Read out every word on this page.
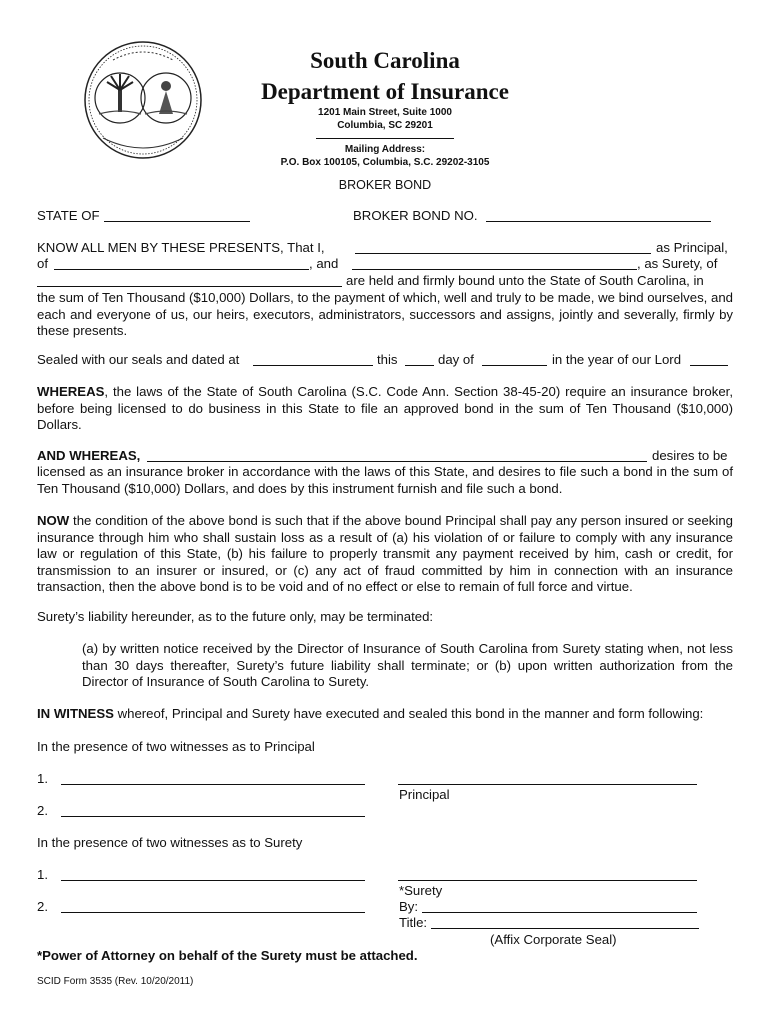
South Carolina
Department of Insurance
1201 Main Street, Suite 1000
Columbia, SC 29201
Mailing Address:
P.O. Box 100105, Columbia, S.C. 29202-3105
BROKER BOND
STATE OF	BROKER BOND NO.
KNOW ALL MEN BY THESE PRESENTS, That I,	as Principal,
of	, and	, as Surety, of
are held and firmly bound unto the State of South Carolina, in
the sum of Ten Thousand ($10,000) Dollars, to the payment of which, well and truly to be made, we bind ourselves, and each and everyone of us, our heirs, executors, administrators, successors and assigns, jointly and severally, firmly by these presents.
Sealed with our seals and dated at	this	day of	in the year of our Lord
WHEREAS, the laws of the State of South Carolina (S.C. Code Ann. Section 38-45-20) require an insurance broker, before being licensed to do business in this State to file an approved bond in the sum of Ten Thousand ($10,000) Dollars.
AND WHEREAS,	desires to be
licensed as an insurance broker in accordance with the laws of this State, and desires to file such a bond in the sum of Ten Thousand ($10,000) Dollars, and does by this instrument furnish and file such a bond.
NOW the condition of the above bond is such that if the above bound Principal shall pay any person insured or seeking insurance through him who shall sustain loss as a result of (a) his violation of or failure to comply with any insurance law or regulation of this State, (b) his failure to properly transmit any payment received by him, cash or credit, for transmission to an insurer or insured, or (c) any act of fraud committed by him in connection with an insurance transaction, then the above bond is to be void and of no effect or else to remain of full force and virtue.
Surety’s liability hereunder, as to the future only, may be terminated:
(a) by written notice received by the Director of Insurance of South Carolina from Surety stating when, not less than 30 days thereafter, Surety’s future liability shall terminate; or (b) upon written authorization from the Director of Insurance of South Carolina to Surety.
IN WITNESS whereof, Principal and Surety have executed and sealed this bond in the manner and form following:
In the presence of two witnesses as to Principal
1.
Principal
2.
In the presence of two witnesses as to Surety
1.
*Surety
2.	By:
Title:
(Affix Corporate Seal)
*Power of Attorney on behalf of the Surety must be attached.
SCID Form 3535 (Rev. 10/20/2011)
